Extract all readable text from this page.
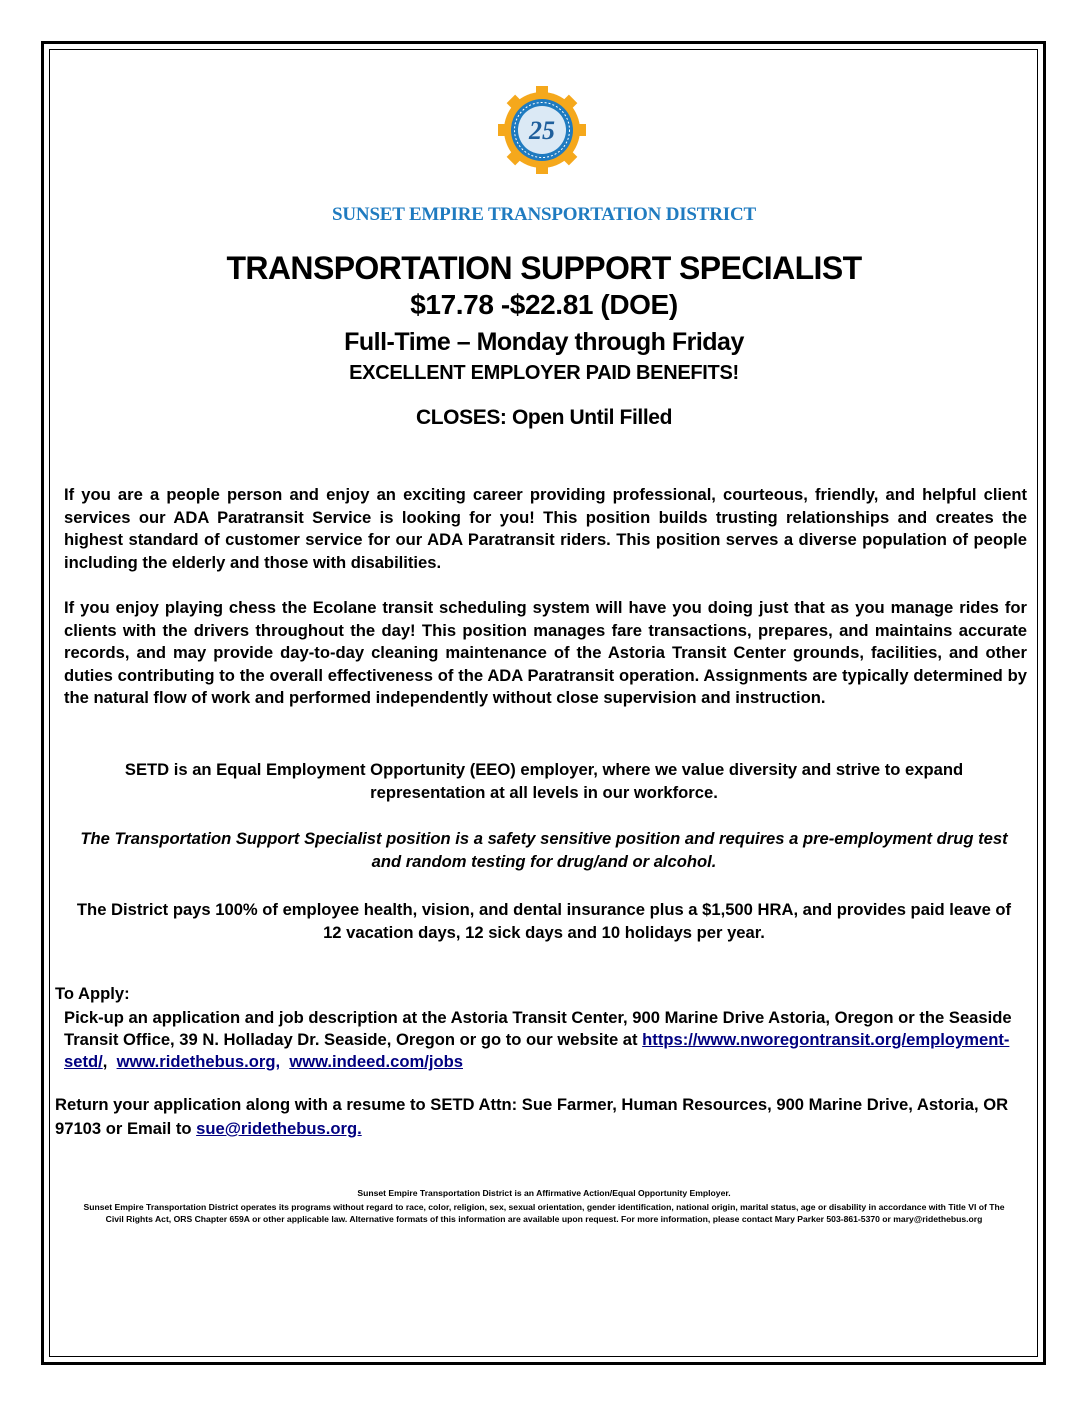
25
SUNSET EMPIRE TRANSPORTATION DISTRICT
TRANSPORTATION SUPPORT SPECIALIST
$17.78 -$22.81 (DOE)
Full-Time – Monday through Friday
EXCELLENT EMPLOYER PAID BENEFITS!
CLOSES: Open Until Filled
If you are a people person and enjoy an exciting career providing professional, courteous, friendly, and helpful client services our ADA Paratransit Service is looking for you! This position builds trusting relationships and creates the highest standard of customer service for our ADA Paratransit riders. This position serves a diverse population of people including the elderly and those with disabilities.
If you enjoy playing chess the Ecolane transit scheduling system will have you doing just that as you manage rides for clients with the drivers throughout the day! This position manages fare transactions, prepares, and maintains accurate records, and may provide day-to-day cleaning maintenance of the Astoria Transit Center grounds, facilities, and other duties contributing to the overall effectiveness of the ADA Paratransit operation. Assignments are typically determined by the natural flow of work and performed independently without close supervision and instruction.
SETD is an Equal Employment Opportunity (EEO) employer, where we value diversity and strive to expand representation at all levels in our workforce.
The Transportation Support Specialist position is a safety sensitive position and requires a pre-employment drug test and random testing for drug/and or alcohol.
The District pays 100% of employee health, vision, and dental insurance plus a $1,500 HRA, and provides paid leave of 12 vacation days, 12 sick days and 10 holidays per year.
To Apply:
Pick-up an application and job description at the Astoria Transit Center, 900 Marine Drive Astoria, Oregon or the Seaside Transit Office, 39 N. Holladay Dr. Seaside, Oregon or go to our website at https://www.nworegontransit.org/employment-setd/,  www.ridethebus.org, www.indeed.com/jobs
Return your application along with a resume to SETD Attn: Sue Farmer, Human Resources, 900 Marine Drive, Astoria, OR 97103 or Email to sue@ridethebus.org.
Sunset Empire Transportation District is an Affirmative Action/Equal Opportunity Employer.
Sunset Empire Transportation District operates its programs without regard to race, color, religion, sex, sexual orientation, gender identification, national origin, marital status, age or disability in accordance with Title VI of The Civil Rights Act, ORS Chapter 659A or other applicable law. Alternative formats of this information are available upon request. For more information, please contact Mary Parker 503-861-5370 or mary@ridethebus.org
